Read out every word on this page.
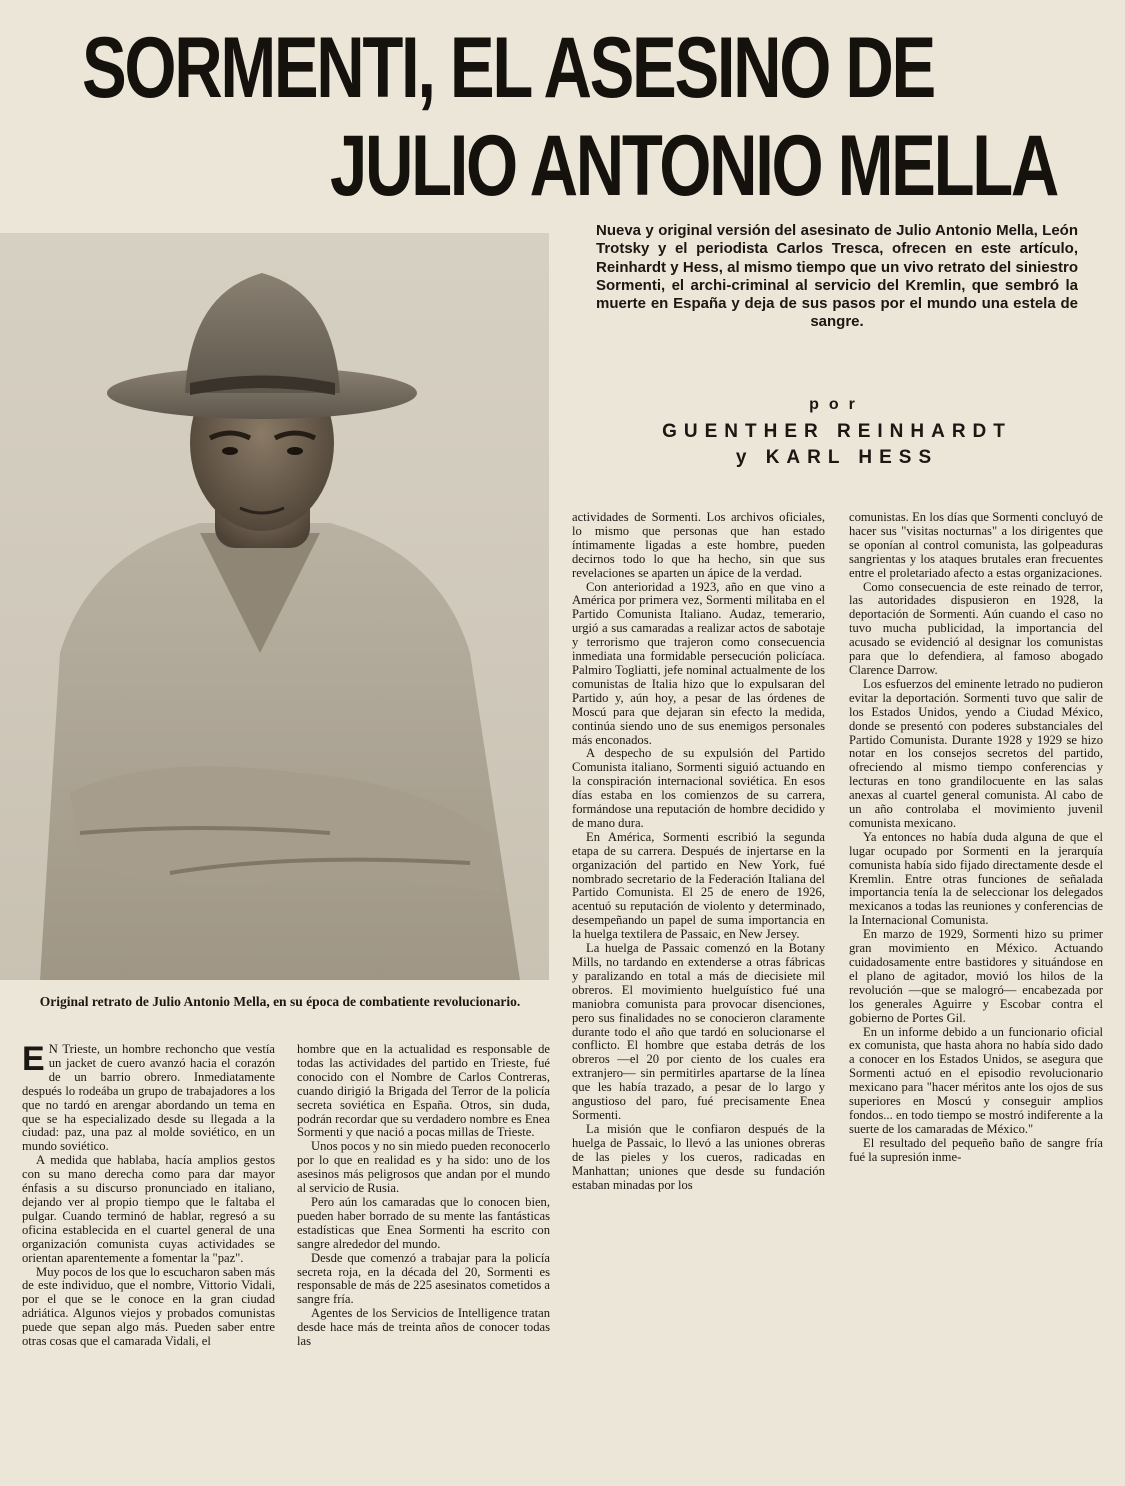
SORMENTI, EL ASESINO DE
JULIO ANTONIO MELLA

Original retrato de Julio Antonio Mella, en su época de combatiente revolucionario.

Nueva y original versión del asesinato de Julio Antonio Mella, León Trotsky y el periodista Carlos Tresca, ofrecen en este artículo, Reinhardt y Hess, al mismo tiempo que un vivo retrato del siniestro Sormenti, el archi-criminal al servicio del Kremlin, que sembró la muerte en España y deja de sus pasos por el mundo una estela de sangre.

por

GUENTHER REINHARDT

y KARL HESS

E N Trieste, un hombre rechoncho que vestía un jacket de cuero avanzó hacia el corazón de un barrio obrero. Inmediatamente después lo rodeába un grupo de trabajadores a los que no tardó en arengar abordando un tema en que se ha especializado desde su llegada a la ciudad: paz, una paz al molde soviético, en un mundo soviético.

A medida que hablaba, hacía amplios gestos con su mano derecha como para dar mayor énfasis a su discurso pronunciado en italiano, dejando ver al propio tiempo que le faltaba el pulgar. Cuando terminó de hablar, regresó a su oficina establecida en el cuartel general de una organización comunista cuyas actividades se orientan aparentemente a fomentar la "paz".

Muy pocos de los que lo escucharon saben más de este individuo, que el nombre, Vittorio Vidali, por el que se le conoce en la gran ciudad adriática. Algunos viejos y probados comunistas puede que sepan algo más. Pueden saber entre otras cosas que el camarada Vidali, el

hombre que en la actualidad es responsable de todas las actividades del partido en Trieste, fué conocido con el Nombre de Carlos Contreras, cuando dirigió la Brigada del Terror de la policía secreta soviética en España. Otros, sin duda, podrán recordar que su verdadero nombre es Enea Sormenti y que nació a pocas millas de Trieste.

Unos pocos y no sin miedo pueden reconocerlo por lo que en realidad es y ha sido: uno de los asesinos más peligrosos que andan por el mundo al servicio de Rusia.

Pero aún los camaradas que lo conocen bien, pueden haber borrado de su mente las fantásticas estadísticas que Enea Sormenti ha escrito con sangre alrededor del mundo.

Desde que comenzó a trabajar para la policía secreta roja, en la década del 20, Sormenti es responsable de más de 225 asesinatos cometidos a sangre fría.

Agentes de los Servicios de Intelligence tratan desde hace más de treinta años de conocer todas las

actividades de Sormenti. Los archivos oficiales, lo mismo que personas que han estado íntimamente ligadas a este hombre, pueden decirnos todo lo que ha hecho, sin que sus revelaciones se aparten un ápice de la verdad.

Con anterioridad a 1923, año en que vino a América por primera vez, Sormenti militaba en el Partido Comunista Italiano. Audaz, temerario, urgió a sus camaradas a realizar actos de sabotaje y terrorismo que trajeron como consecuencia inmediata una formidable persecución policíaca. Palmiro Togliatti, jefe nominal actualmente de los comunistas de Italia hizo que lo expulsaran del Partido y, aún hoy, a pesar de las órdenes de Moscú para que dejaran sin efecto la medida, continúa siendo uno de sus enemigos personales más enconados.

A despecho de su expulsión del Partido Comunista italiano, Sormenti siguió actuando en la conspiración internacional soviética. En esos días estaba en los comienzos de su carrera, formándose una reputación de hombre decidido y de mano dura.

En América, Sormenti escribió la segunda etapa de su carrera. Después de injertarse en la organización del partido en New York, fué nombrado secretario de la Federación Italiana del Partido Comunista. El 25 de enero de 1926, acentuó su reputación de violento y determinado, desempeñando un papel de suma importancia en la huelga textilera de Passaic, en New Jersey.

La huelga de Passaic comenzó en la Botany Mills, no tardando en extenderse a otras fábricas y paralizando en total a más de diecisiete mil obreros. El movimiento huelguístico fué una maniobra comunista para provocar disenciones, pero sus finalidades no se conocieron claramente durante todo el año que tardó en solucionarse el conflicto. El hombre que estaba detrás de los obreros —el 20 por ciento de los cuales era extranjero— sin permitirles apartarse de la línea que les había trazado, a pesar de lo largo y angustioso del paro, fué precisamente Enea Sormenti.

La misión que le confiaron después de la huelga de Passaic, lo llevó a las uniones obreras de las pieles y los cueros, radicadas en Manhattan; uniones que desde su fundación estaban minadas por los

comunistas. En los días que Sormenti concluyó de hacer sus "visitas nocturnas" a los dirigentes que se oponían al control comunista, las golpeaduras sangrientas y los ataques brutales eran frecuentes entre el proletariado afecto a estas organizaciones.

Como consecuencia de este reinado de terror, las autoridades dispusieron en 1928, la deportación de Sormenti. Aún cuando el caso no tuvo mucha publicidad, la importancia del acusado se evidenció al designar los comunistas para que lo defendiera, al famoso abogado Clarence Darrow.

Los esfuerzos del eminente letrado no pudieron evitar la deportación. Sormenti tuvo que salir de los Estados Unidos, yendo a Ciudad México, donde se presentó con poderes substanciales del Partido Comunista. Durante 1928 y 1929 se hizo notar en los consejos secretos del partido, ofreciendo al mismo tiempo conferencias y lecturas en tono grandilocuente en las salas anexas al cuartel general comunista. Al cabo de un año controlaba el movimiento juvenil comunista mexicano.

Ya entonces no había duda alguna de que el lugar ocupado por Sormenti en la jerarquía comunista había sido fijado directamente desde el Kremlin. Entre otras funciones de señalada importancia tenía la de seleccionar los delegados mexicanos a todas las reuniones y conferencias de la Internacional Comunista.

En marzo de 1929, Sormenti hizo su primer gran movimiento en México. Actuando cuidadosamente entre bastidores y situándose en el plano de agitador, movió los hilos de la revolución —que se malogró— encabezada por los generales Aguirre y Escobar contra el gobierno de Portes Gil.

En un informe debido a un funcionario oficial ex comunista, que hasta ahora no había sido dado a conocer en los Estados Unidos, se asegura que Sormenti actuó en el episodio revolucionario mexicano para "hacer méritos ante los ojos de sus superiores en Moscú y conseguir amplios fondos... en todo tiempo se mostró indiferente a la suerte de los camaradas de México."

El resultado del pequeño baño de sangre fría fué la supresión inme-
